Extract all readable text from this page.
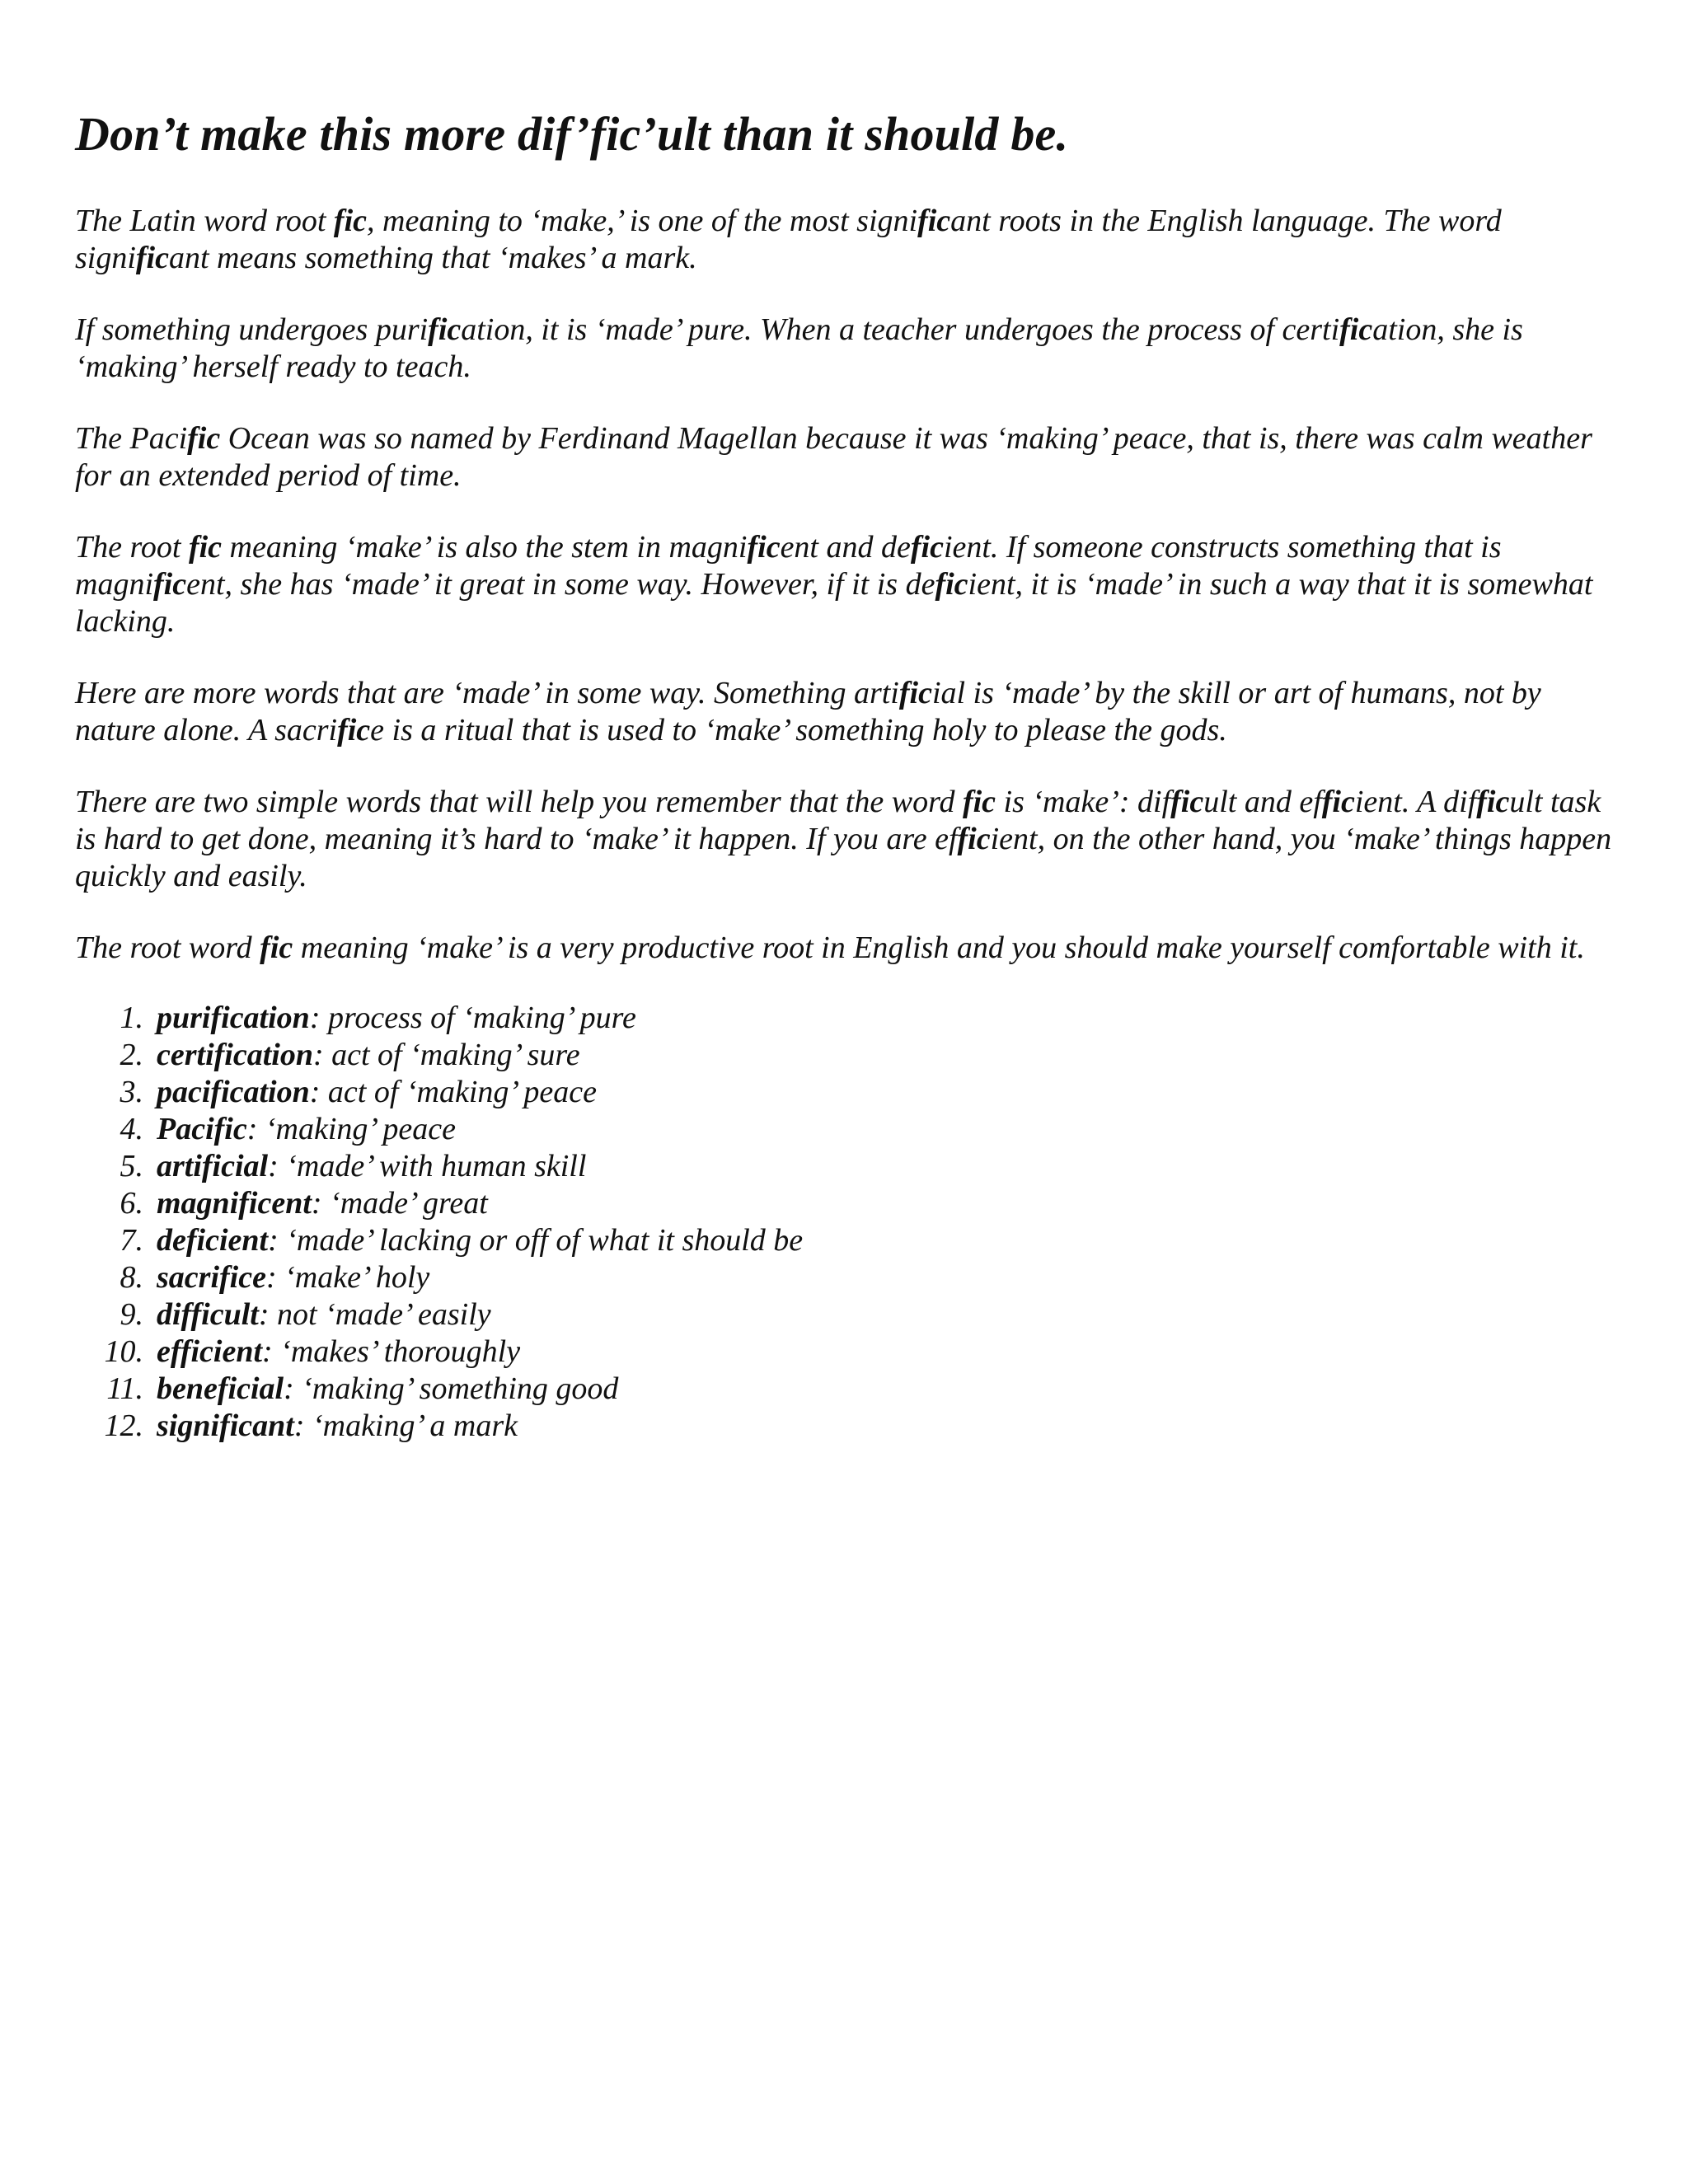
Don’t make this more dif’fic’ult than it should be.

The Latin word root fic, meaning to ‘make,’ is one of the most significant roots in the English language. The word significant means something that ‘makes’ a mark.

If something undergoes purification, it is ‘made’ pure. When a teacher undergoes the process of certification, she is ‘making’ herself ready to teach.

The Pacific Ocean was so named by Ferdinand Magellan because it was ‘making’ peace, that is, there was calm weather for an extended period of time.

The root fic meaning ‘make’ is also the stem in magnificent and deficient. If someone constructs something that is magnificent, she has ‘made’ it great in some way. However, if it is deficient, it is ‘made’ in such a way that it is somewhat lacking.

Here are more words that are ‘made’ in some way. Something artificial is ‘made’ by the skill or art of humans, not by nature alone. A sacrifice is a ritual that is used to ‘make’ something holy to please the gods.

There are two simple words that will help you remember that the word fic is ‘make’: difficult and efficient. A difficult task is hard to get done, meaning it’s hard to ‘make’ it happen. If you are efficient, on the other hand, you ‘make’ things happen quickly and easily.

The root word fic meaning ‘make’ is a very productive root in English and you should make yourself comfortable with it.

1. purification: process of ‘making’ pure
2. certification: act of ‘making’ sure
3. pacification: act of ‘making’ peace
4. Pacific: ‘making’ peace
5. artificial: ‘made’ with human skill
6. magnificent: ‘made’ great
7. deficient: ‘made’ lacking or off of what it should be
8. sacrifice: ‘make’ holy
9. difficult: not ‘made’ easily
10. efficient: ‘makes’ thoroughly
11. beneficial: ‘making’ something good
12. significant: ‘making’ a mark
